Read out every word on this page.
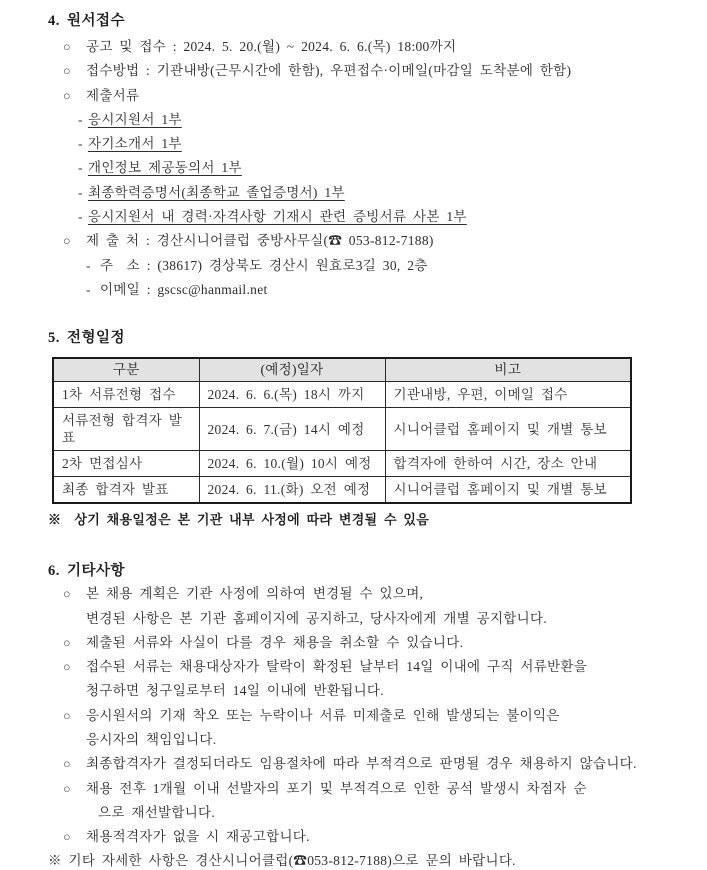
4. 원서접수
○ 공고 및 접수 : 2024. 5. 20.(월) ~ 2024. 6. 6.(목) 18:00까지
○ 접수방법 : 기관내방(근무시간에 한함), 우편접수·이메일(마감일 도착분에 한함)
○ 제출서류
- 응시지원서 1부
- 자기소개서 1부
- 개인정보 제공동의서 1부
- 최종학력증명서(최종학교 졸업증명서) 1부
- 응시지원서 내 경력·자격사항 기재시 관련 증빙서류 사본 1부
○ 제 출 처 : 경산시니어클럽 중방사무실(☎ 053-812-7188)
- 주  소 : (38617) 경상북도 경산시 원효로3길 30, 2층
- 이메일 : gscsc@hanmail.net
5. 전형일정
구분	(예정)일자	비고
1차 서류전형 접수	2024. 6. 6.(목) 18시 까지	기관내방, 우편, 이메일 접수
서류전형 합격자 발표	2024. 6. 7.(금) 14시 예정	시니어클럽 홈페이지 및 개별 통보
2차 면접심사	2024. 6. 10.(월) 10시 예정	합격자에 한하여 시간, 장소 안내
최종 합격자 발표	2024. 6. 11.(화) 오전 예정	시니어클럽 홈페이지 및 개별 통보
※  상기 채용일정은 본 기관 내부 사정에 따라 변경될 수 있음
6. 기타사항
○ 본 채용 계획은 기관 사정에 의하여 변경될 수 있으며,
변경된 사항은 본 기관 홈페이지에 공지하고, 당사자에게 개별 공지합니다.
○ 제출된 서류와 사실이 다를 경우 채용을 취소할 수 있습니다.
○ 접수된 서류는 채용대상자가 탈락이 확정된 날부터 14일 이내에 구직 서류반환을
청구하면 청구일로부터 14일 이내에 반환됩니다.
○ 응시원서의 기재 착오 또는 누락이나 서류 미제출로 인해 발생되는 불이익은
응시자의 책임입니다.
○ 최종합격자가 결정되더라도 임용절차에 따라 부적격으로 판명될 경우 채용하지 않습니다.
○ 채용 전후 1개월 이내 선발자의 포기 및 부적격으로 인한 공석 발생시 차점자 순
으로 재선발합니다.
○ 채용적격자가 없을 시 재공고합니다.
※ 기타 자세한 사항은 경산시니어클럽(☎053-812-7188)으로 문의 바랍니다.
